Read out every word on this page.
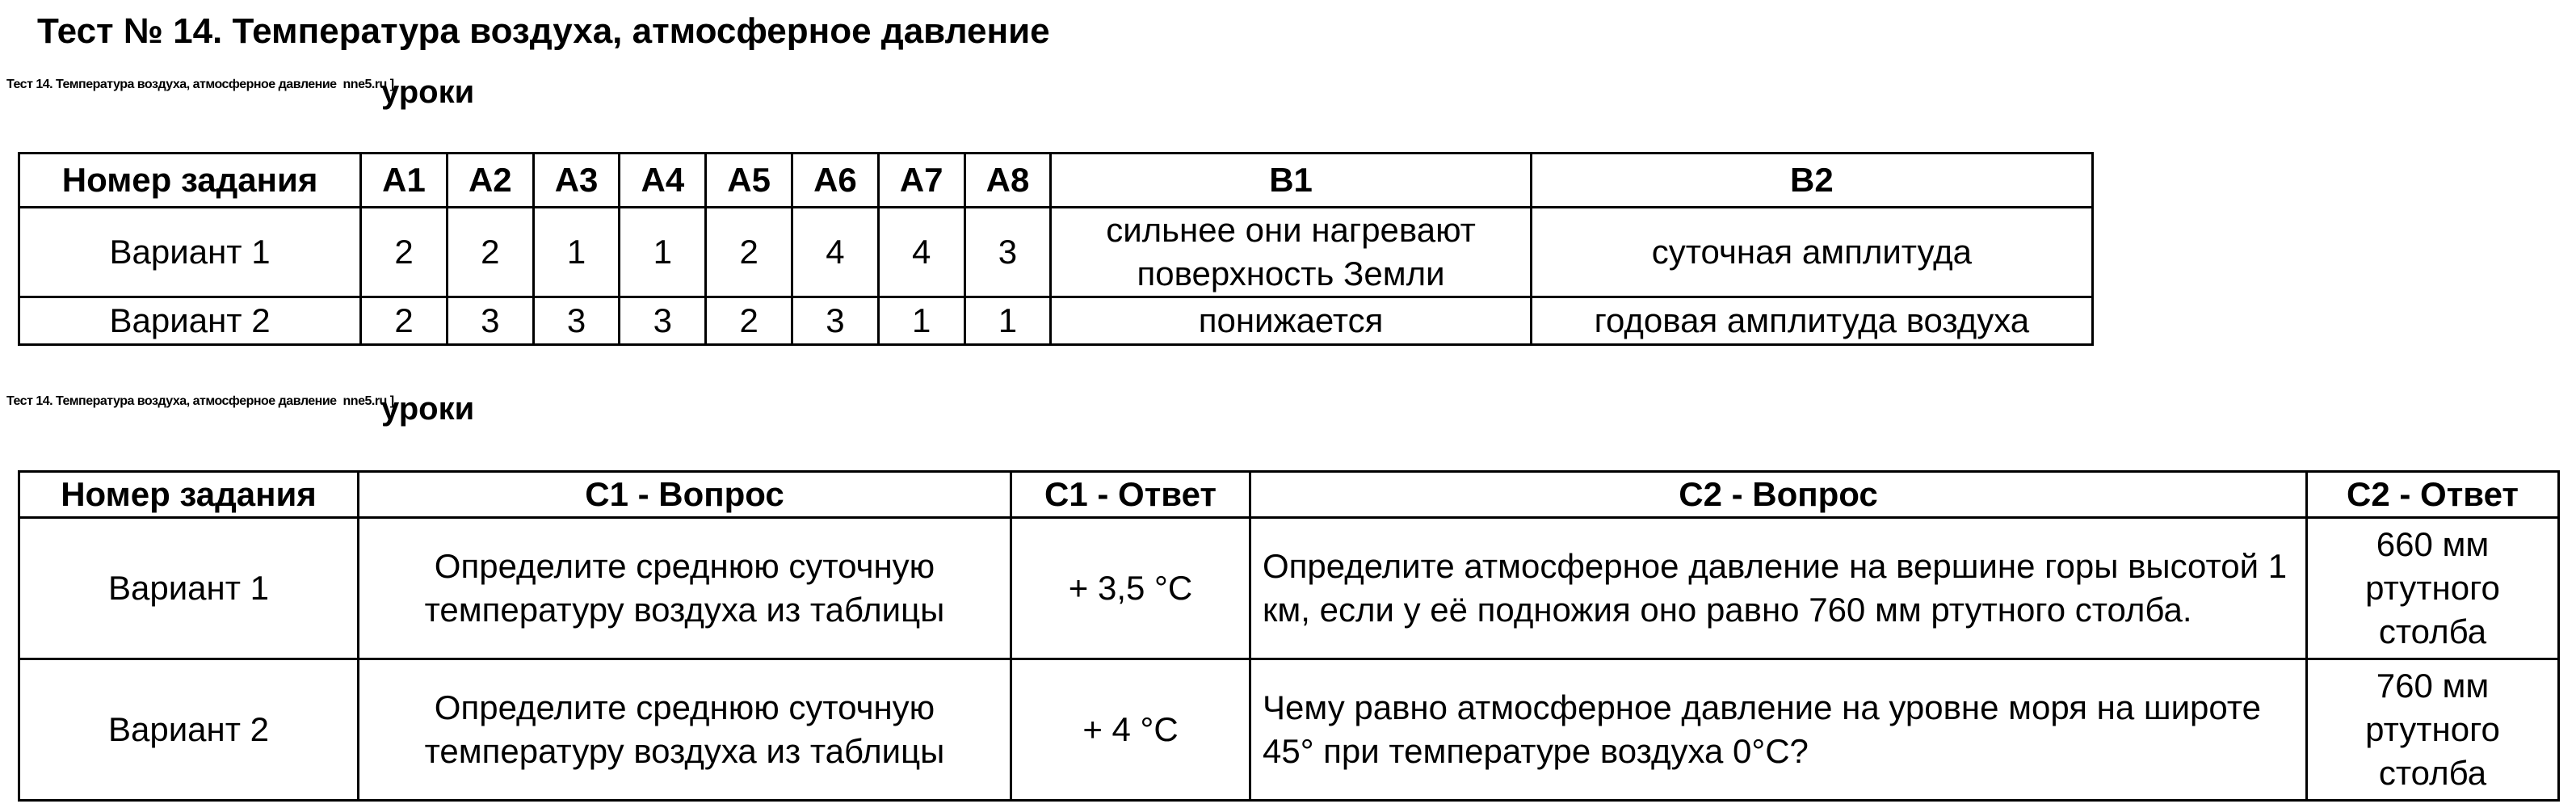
Тест № 14. Температура воздуха, атмосферное давление
Тест 14. Температура воздуха, атмосферное давление nne5.ru ]
уроки
Номер задания	А1	А2	А3	А4	А5	А6	А7	А8	В1	В2
Вариант 1	2	2	1	1	2	4	4	3	сильнее они нагревают поверхность Земли	суточная амплитуда
Вариант 2	2	3	3	3	2	3	1	1	понижается	годовая амплитуда воздуха
Тест 14. Температура воздуха, атмосферное давление nne5.ru ]
уроки
Номер задания	С1 - Вопрос	С1 - Ответ	С2 - Вопрос	С2 - Ответ
Вариант 1	Определите среднюю суточную температуру воздуха из таблицы	+ 3,5 °С	Определите атмосферное давление на вершине горы высотой 1 км, если у её подножия оно равно 760 мм ртутного столба.	660 мм ртутного столба
Вариант 2	Определите среднюю суточную температуру воздуха из таблицы	+ 4 °С	Чему равно атмосферное давление на уровне моря на широте 45° при температуре воздуха 0°С?	760 мм ртутного столба
